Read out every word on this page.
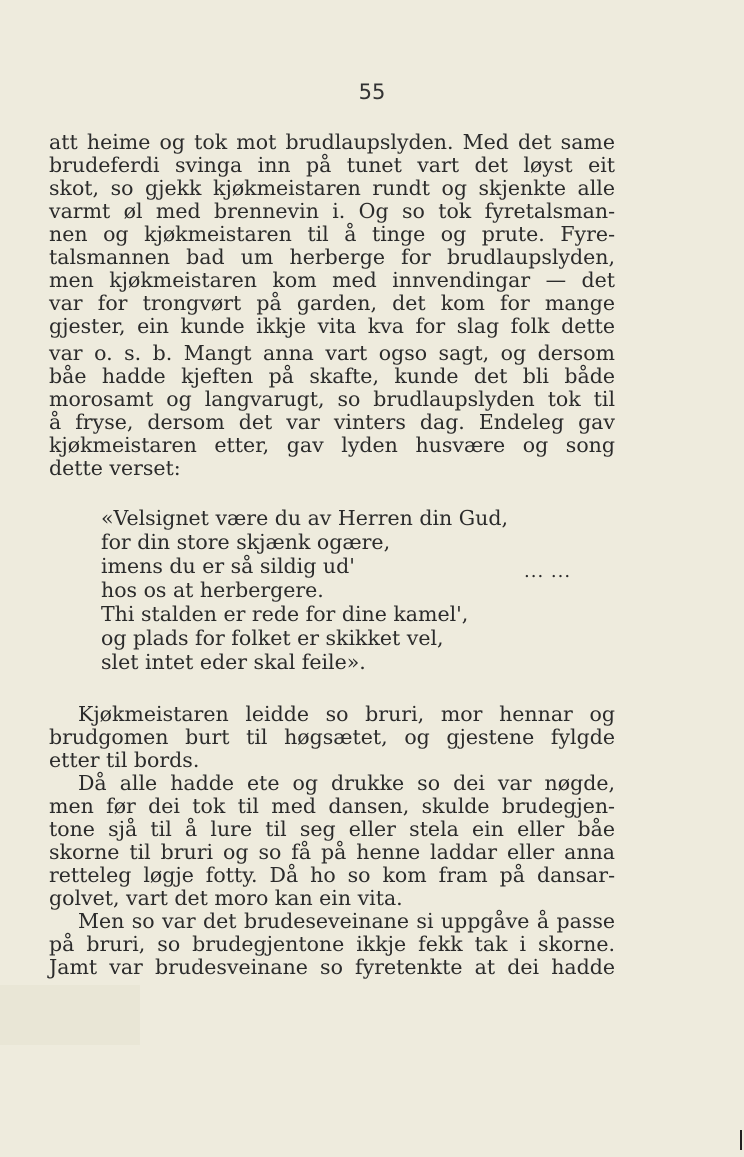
55
att heime og tok mot brudlaupslyden. Med det same
brudeferdi svinga inn på tunet vart det løyst eit
skot, so gjekk kjøkmeistaren rundt og skjenkte alle
varmt øl med brennevin i. Og so tok fyretalsman-
nen og kjøkmeistaren til å tinge og prute. Fyre-
talsmannen bad um herberge for brudlaupslyden,
men kjøkmeistaren kom med innvendingar — det
var for trongvørt på garden, det kom for mange
gjester, ein kunde ikkje vita kva for slag folk dette
var o. s. b. Mangt anna vart ogso sagt, og dersom
båe hadde kjeften på skafte, kunde det bli både
morosamt og langvarugt, so brudlaupslyden tok til
å fryse, dersom det var vinters dag. Endeleg gav
kjøkmeistaren etter, gav lyden husvære og song
dette verset:
«Velsignet være du av Herren din Gud,
for din store skjænk ogære,
imens du er så sildig ud'	... ...
hos os at herbergere.
Thi stalden er rede for dine kamel',
og plads for folket er skikket vel,
slet intet eder skal feile».
Kjøkmeistaren leidde so bruri, mor hennar og
brudgomen burt til høgsætet, og gjestene fylgde
etter til bords.
Då alle hadde ete og drukke so dei var nøgde,
men før dei tok til med dansen, skulde brudegjen-
tone sjå til å lure til seg eller stela ein eller båe
skorne til bruri og so få på henne laddar eller anna
retteleg løgje fotty. Då ho so kom fram på dansar-
golvet, vart det moro kan ein vita.
Men so var det brudeseveinane si uppgåve å passe
på bruri, so brudegjentone ikkje fekk tak i skorne.
Jamt var brudesveinane so fyretenkte at dei hadde
